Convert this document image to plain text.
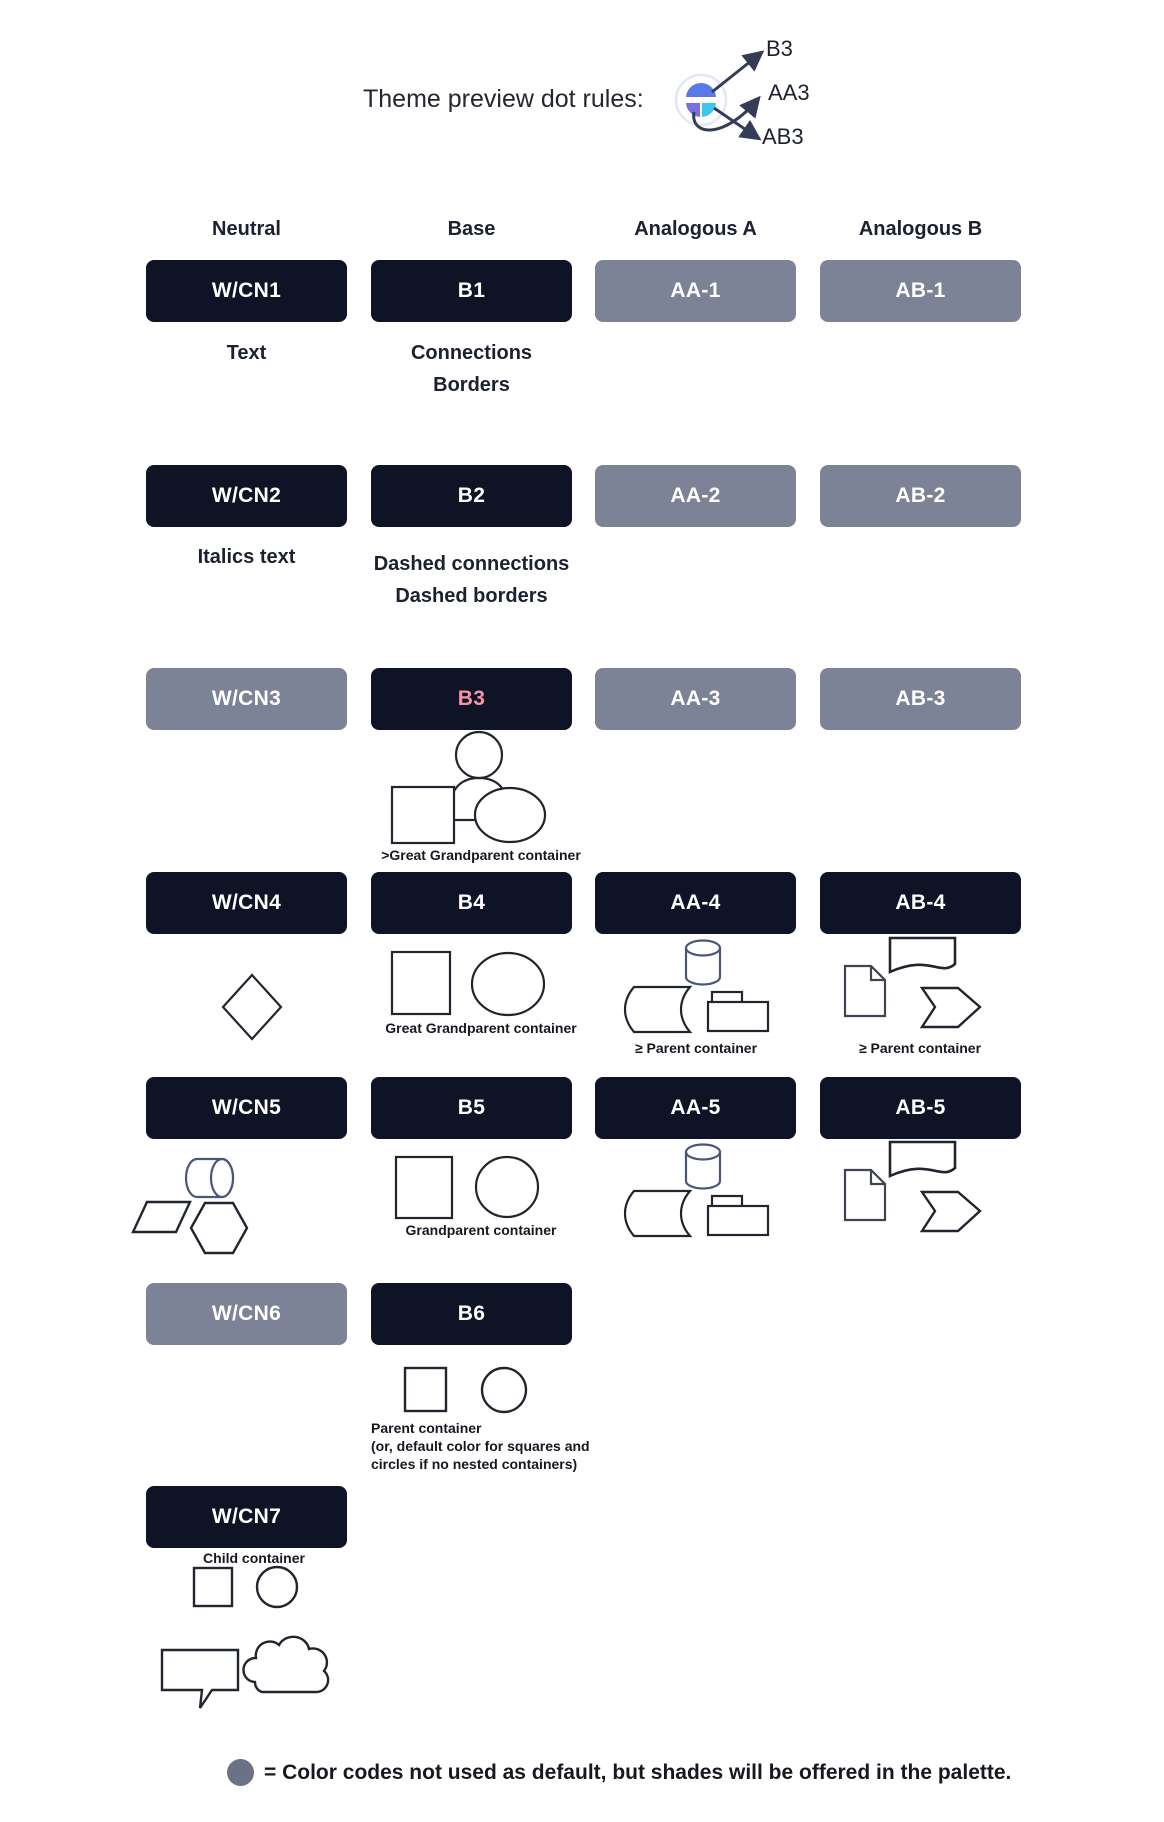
Theme preview dot rules:
B3
AA3
AB3
Neutral	Base	Analogous A	Analogous B
W/CN1	B1	AA-1	AB-1
Text	Connections
Borders
W/CN2	B2	AA-2	AB-2
Italics text	Dashed connections
Dashed borders
W/CN3	B3	AA-3	AB-3
>Great Grandparent container
W/CN4	B4	AA-4	AB-4
Great Grandparent container
≥ Parent container	≥ Parent container
W/CN5	B5	AA-5	AB-5
Grandparent container
W/CN6	B6
Parent container
(or, default color for squares and
circles if no nested containers)
W/CN7
Child container
= Color codes not used as default, but shades will be offered in the palette.
